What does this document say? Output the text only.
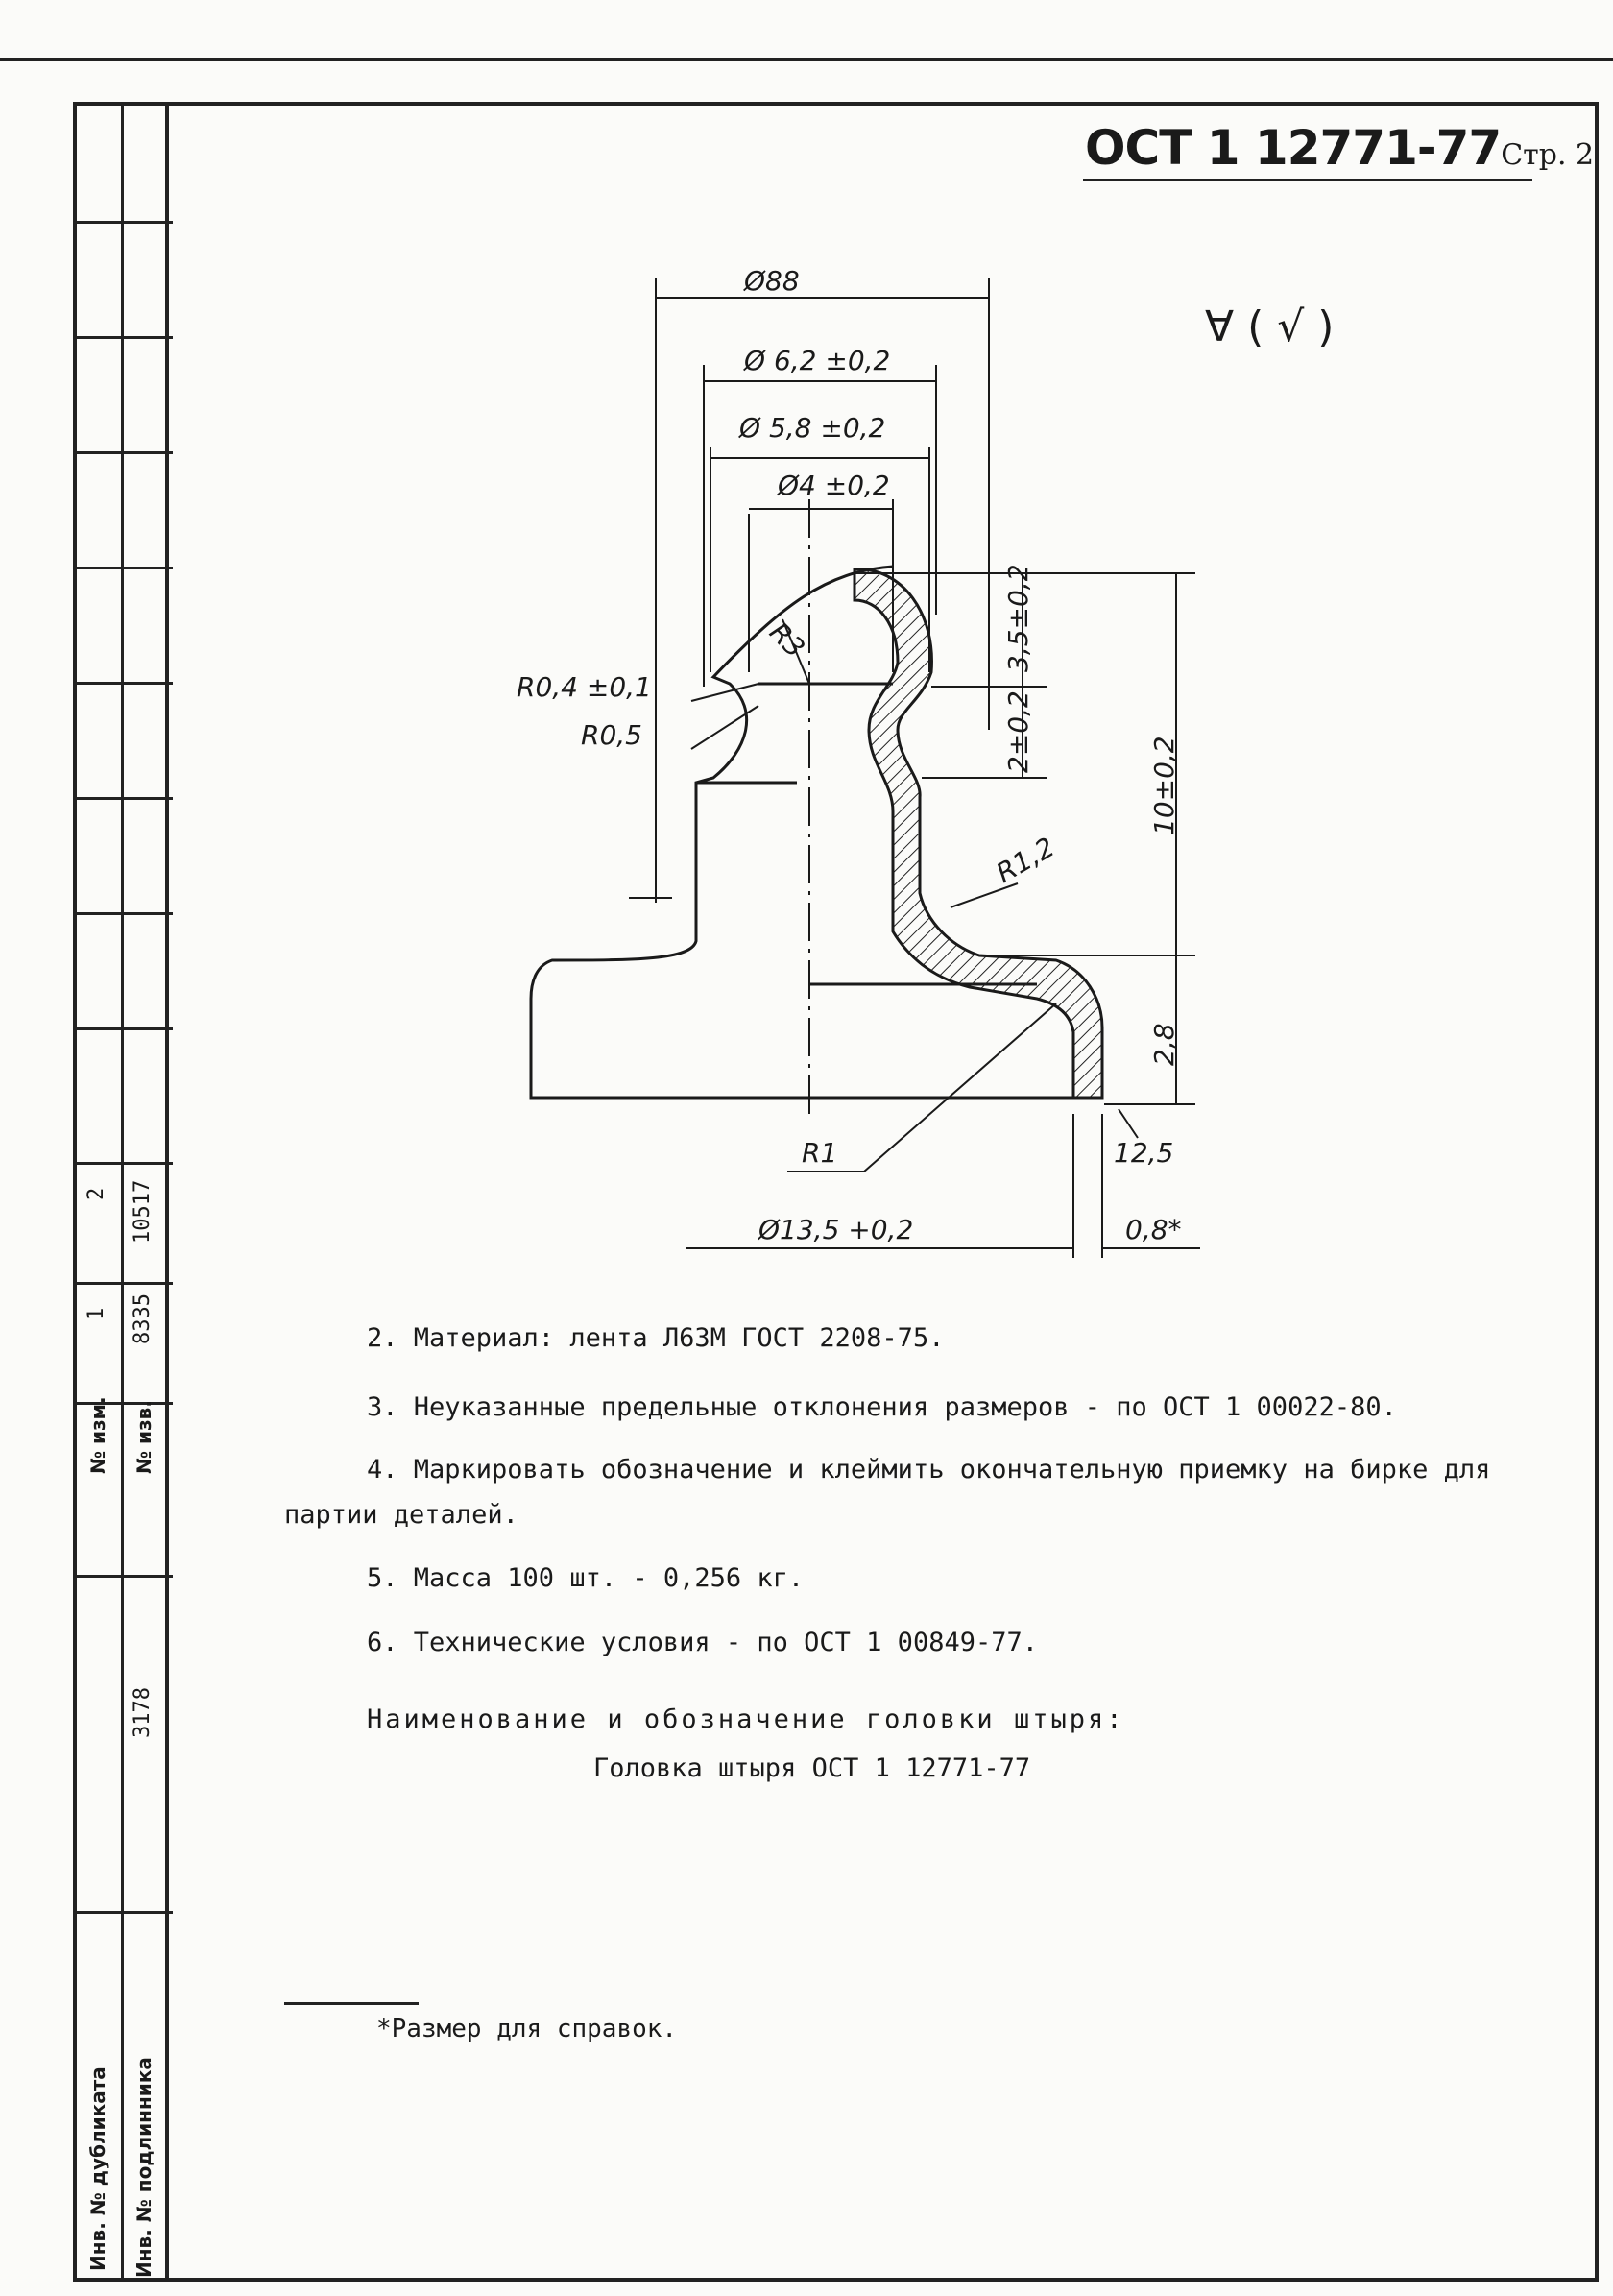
2 10517
1 8335
№ изм. № изв.
3178
Инв. № дубликата Инв. № подлинника
ОСТ 1 12771-77Стр. 2
Ø88
Ø 6,2 ±0,2
Ø 5,8 ±0,2
Ø4 ±0,2
R0,4 ±0,1
R0,5
R3	3,5±0,2
2±0,2
10±0,2
R1,2
2,8
R1	12,5
Ø13,5 +0,2	0,8*
∀ ( √ )
2. Материал: лента Л63М ГОСТ 2208-75.
3. Неуказанные предельные отклонения размеров - по ОСТ 1 00022-80.
4. Маркировать обозначение и клеймить окончательную приемку на бирке для
партии деталей.
5. Масса 100 шт. - 0,256 кг.
6. Технические условия - по ОСТ 1 00849-77.
Наименование и обозначение головки штыря:
Головка штыря ОСТ 1 12771-77
*Размер для справок.
